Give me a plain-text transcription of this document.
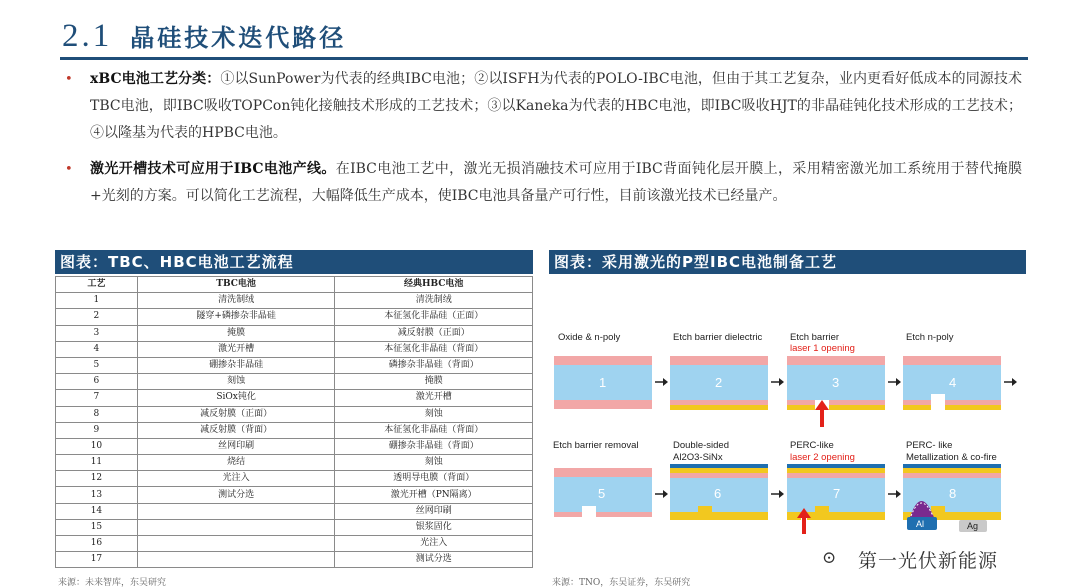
2.1 晶硅技术迭代路径
• xBC电池工艺分类：①以SunPower为代表的经典IBC电池；②以ISFH为代表的POLO-IBC电池，但由于其工艺复杂，业内更看好低成本的同源技术TBC电池，即IBC吸收TOPCon钝化接触技术形成的工艺技术；③以Kaneka为代表的HBC电池，即IBC吸收HJT的非晶硅钝化技术形成的工艺技术；④以隆基为代表的HPBC电池。
• 激光开槽技术可应用于IBC电池产线。在IBC电池工艺中，激光无损消融技术可应用于IBC背面钝化层开膜上，采用精密激光加工系统用于替代掩膜+光刻的方案。可以简化工艺流程，大幅降低生产成本，使IBC电池具备量产可行性，目前该激光技术已经量产。
图表：TBC、HBC电池工艺流程	图表：采用激光的P型IBC电池制备工艺
工艺	TBC电池	经典HBC电池
1	清洗制绒	清洗制绒
2	隧穿+磷掺杂非晶硅	本征氢化非晶硅（正面）
3	掩膜	减反射膜（正面）
4	激光开槽	本征氢化非晶硅（背面）
5	硼掺杂非晶硅	磷掺杂非晶硅（背面）
6	刻蚀	掩膜
7	SiOx钝化	激光开槽
8	减反射膜（正面）	刻蚀
9	减反射膜（背面）	本征氢化非晶硅（背面）
10	丝网印刷	硼掺杂非晶硅（背面）
11	烧结	刻蚀
12	光注入	透明导电膜（背面）
13	测试分选	激光开槽（PN隔离）
14		丝网印刷
15		银浆固化
16		光注入
17		测试分选
来源：未来智库，东吴研究
Oxide & n-poly
1
Etch barrier dielectric
2
Etch barrier
laser 1 opening
3
Etch n-poly
4
Etch barrier removal
5
Double-sided
Al2O3-SiNx
6
PERC-like
laser 2 opening
7
PERC- like
Metallization & co-fire
Al	Ag
8
来源：TNO，东吴证券，东吴研究
⊙ 第一光伏新能源
